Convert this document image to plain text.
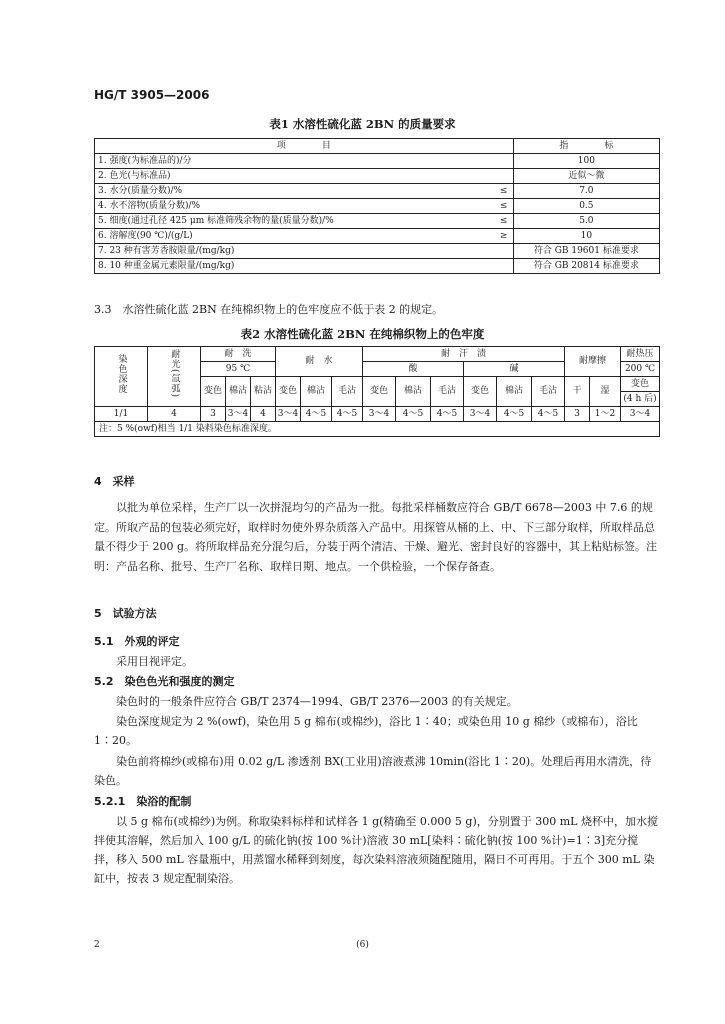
HG/T 3905—2006
表1 水溶性硫化蓝 2BN 的质量要求
项　　　　目		指　　　　标
1. 强度(为标准品的)/分		100
2. 色光(与标准品)		近似～微
3. 水分(质量分数)/%	≤	7.0
4. 水不溶物(质量分数)/%	≤	0.5
5. 细度(通过孔径 425 μm 标准筛残余物的量(质量分数)/%	≤	5.0
6. 溶解度(90 ℃)/(g/L)	≥	10
7. 23 种有害芳香胺限量/(mg/kg)		符合 GB 19601 标准要求
8. 10 种重金属元素限量/(mg/kg)		符合 GB 20814 标准要求
3.3　水溶性硫化蓝 2BN 在纯棉织物上的色牢度应不低于表 2 的规定。
表2 水溶性硫化蓝 2BN 在纯棉织物上的色牢度
染色深度	耐光(氙弧)	耐　洗			耐　水			耐　汗　渍						耐摩擦		耐热压
		95 ℃						酸			碱					200 ℃
		变色	棉沾	粘沾	变色	棉沾	毛沾	变色	棉沾	毛沾	变色	棉沾	毛沾	干	湿	变色
																(4 h 后)
1/1	4	3	3～4	4	3～4	4～5	4～5	3～4	4～5	4～5	3～4	4～5	4～5	3	1～2	3～4
注：5 %(owf)相当 1/1 染料染色标准深度。																
4　采样
以批为单位采样，生产厂以一次拼混均匀的产品为一批。每批采样桶数应符合 GB/T 6678—2003 中 7.6 的规定。所取产品的包装必须完好，取样时勿使外界杂质落入产品中。用探管从桶的上、中、下三部分取样，所取样品总量不得少于 200 g。将所取样品充分混匀后，分装于两个清洁、干燥、避光、密封良好的容器中，其上粘贴标签。注明：产品名称、批号、生产厂名称、取样日期、地点。一个供检验，一个保存备查。
5　试验方法
5.1　外观的评定
采用目视评定。
5.2　染色色光和强度的测定
染色时的一般条件应符合 GB/T 2374—1994、GB/T 2376—2003 的有关规定。
染色深度规定为 2 %(owf)，染色用 5 g 棉布(或棉纱)，浴比 1∶40；或染色用 10 g 棉纱（或棉布），浴比 1∶20。
染色前将棉纱(或棉布)用 0.02 g/L 渗透剂 BX(工业用)溶液煮沸 10min(浴比 1∶20)。处理后再用水清洗，待染色。
5.2.1　染浴的配制
以 5 g 棉布(或棉纱)为例。称取染料标样和试样各 1 g(精确至 0.000 5 g)，分别置于 300 mL 烧杯中，加水搅拌使其溶解，然后加入 100 g/L 的硫化钠(按 100 %计)溶液 30 mL[染料∶硫化钠(按 100 %计)=1∶3]充分搅拌，移入 500 mL 容量瓶中，用蒸馏水稀释到刻度，每次染料溶液须随配随用，隔日不可再用。于五个 300 mL 染缸中，按表 3 规定配制染浴。
2	(6)
